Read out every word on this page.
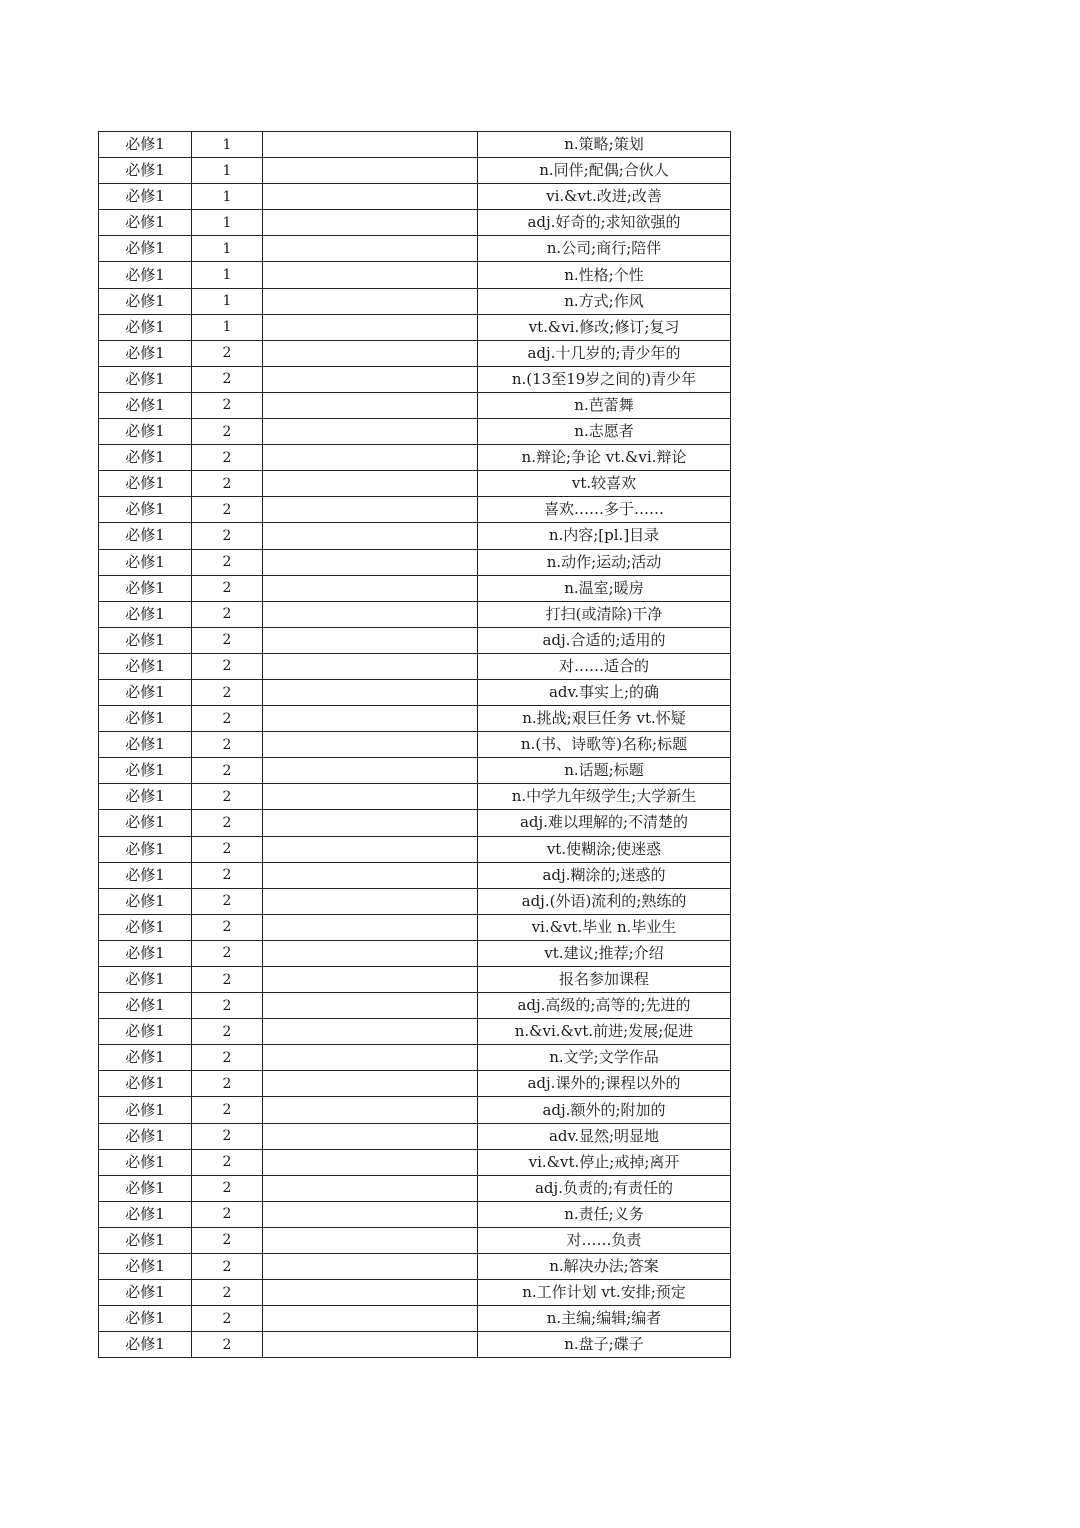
必修1	1		n.策略;策划
必修1	1		n.同伴;配偶;合伙人
必修1	1		vi.&vt.改进;改善
必修1	1		adj.好奇的;求知欲强的
必修1	1		n.公司;商行;陪伴
必修1	1		n.性格;个性
必修1	1		n.方式;作风
必修1	1		vt.&vi.修改;修订;复习
必修1	2		adj.十几岁的;青少年的
必修1	2		n.(13至19岁之间的)青少年
必修1	2		n.芭蕾舞
必修1	2		n.志愿者
必修1	2		n.辩论;争论 vt.&vi.辩论
必修1	2		vt.较喜欢
必修1	2		喜欢……多于……
必修1	2		n.内容;[pl.]目录
必修1	2		n.动作;运动;活动
必修1	2		n.温室;暖房
必修1	2		打扫(或清除)干净
必修1	2		adj.合适的;适用的
必修1	2		对……适合的
必修1	2		adv.事实上;的确
必修1	2		n.挑战;艰巨任务 vt.怀疑
必修1	2		n.(书、诗歌等)名称;标题
必修1	2		n.话题;标题
必修1	2		n.中学九年级学生;大学新生
必修1	2		adj.难以理解的;不清楚的
必修1	2		vt.使糊涂;使迷惑
必修1	2		adj.糊涂的;迷惑的
必修1	2		adj.(外语)流利的;熟练的
必修1	2		vi.&vt.毕业 n.毕业生
必修1	2		vt.建议;推荐;介绍
必修1	2		报名参加课程
必修1	2		adj.高级的;高等的;先进的
必修1	2		n.&vi.&vt.前进;发展;促进
必修1	2		n.文学;文学作品
必修1	2		adj.课外的;课程以外的
必修1	2		adj.额外的;附加的
必修1	2		adv.显然;明显地
必修1	2		vi.&vt.停止;戒掉;离开
必修1	2		adj.负责的;有责任的
必修1	2		n.责任;义务
必修1	2		对……负责
必修1	2		n.解决办法;答案
必修1	2		n.工作计划 vt.安排;预定
必修1	2		n.主编;编辑;编者
必修1	2		n.盘子;碟子
